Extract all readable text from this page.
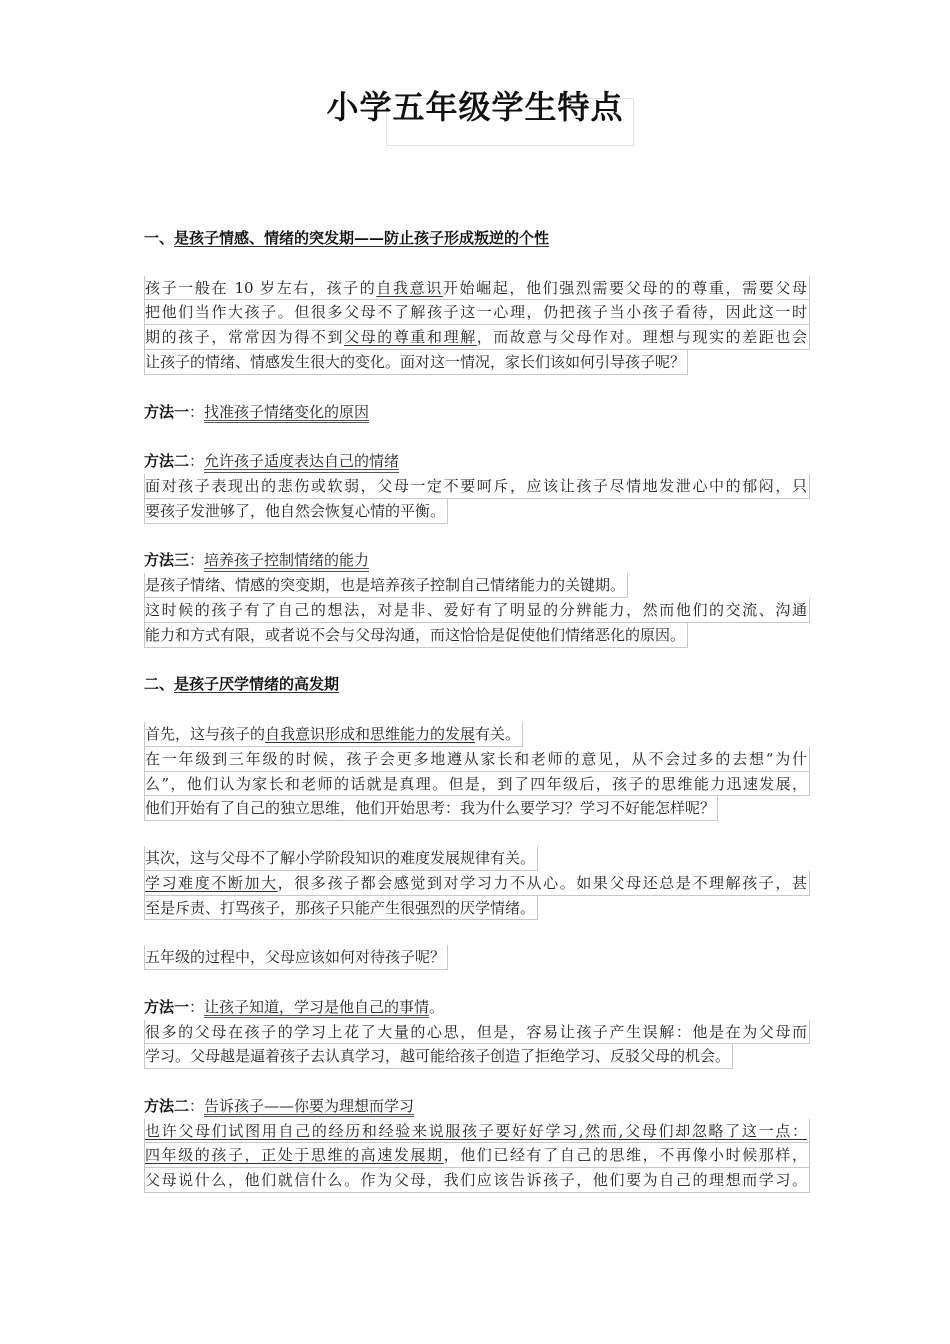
小学五年级学生特点
一、是孩子情感、情绪的突发期——防止孩子形成叛逆的个性
孩子一般在 10 岁左右，孩子的自我意识开始崛起，他们强烈需要父母的的尊重，需要父母
把他们当作大孩子。但很多父母不了解孩子这一心理，仍把孩子当小孩子看待，因此这一时
期的孩子，常常因为得不到父母的尊重和理解，而故意与父母作对。理想与现实的差距也会
让孩子的情绪、情感发生很大的变化。面对这一情况，家长们该如何引导孩子呢？
方法一：找准孩子情绪变化的原因
方法二：允许孩子适度表达自己的情绪
面对孩子表现出的悲伤或软弱，父母一定不要呵斥，应该让孩子尽情地发泄心中的郁闷，只
要孩子发泄够了，他自然会恢复心情的平衡。
方法三：培养孩子控制情绪的能力
是孩子情绪、情感的突变期，也是培养孩子控制自己情绪能力的关键期。
这时候的孩子有了自己的想法，对是非、爱好有了明显的分辨能力，然而他们的交流、沟通
能力和方式有限，或者说不会与父母沟通，而这恰恰是促使他们情绪恶化的原因。
二、是孩子厌学情绪的高发期
首先，这与孩子的自我意识形成和思维能力的发展有关。
在一年级到三年级的时候，孩子会更多地遵从家长和老师的意见，从不会过多的去想“为什
么”，他们认为家长和老师的话就是真理。但是，到了四年级后，孩子的思维能力迅速发展，
他们开始有了自己的独立思维，他们开始思考：我为什么要学习？学习不好能怎样呢？
其次，这与父母不了解小学阶段知识的难度发展规律有关。
学习难度不断加大，很多孩子都会感觉到对学习力不从心。如果父母还总是不理解孩子，甚
至是斥责、打骂孩子，那孩子只能产生很强烈的厌学情绪。
五年级的过程中，父母应该如何对待孩子呢？
方法一：让孩子知道，学习是他自己的事情。
很多的父母在孩子的学习上花了大量的心思，但是，容易让孩子产生误解：他是在为父母而
学习。父母越是逼着孩子去认真学习，越可能给孩子创造了拒绝学习、反驳父母的机会。
方法二：告诉孩子——你要为理想而学习
也许父母们试图用自己的经历和经验来说服孩子要好好学习,然而,父母们却忽略了这一点：
四年级的孩子，正处于思维的高速发展期，他们已经有了自己的思维，不再像小时候那样，
父母说什么，他们就信什么。作为父母，我们应该告诉孩子，他们要为自己的理想而学习。
